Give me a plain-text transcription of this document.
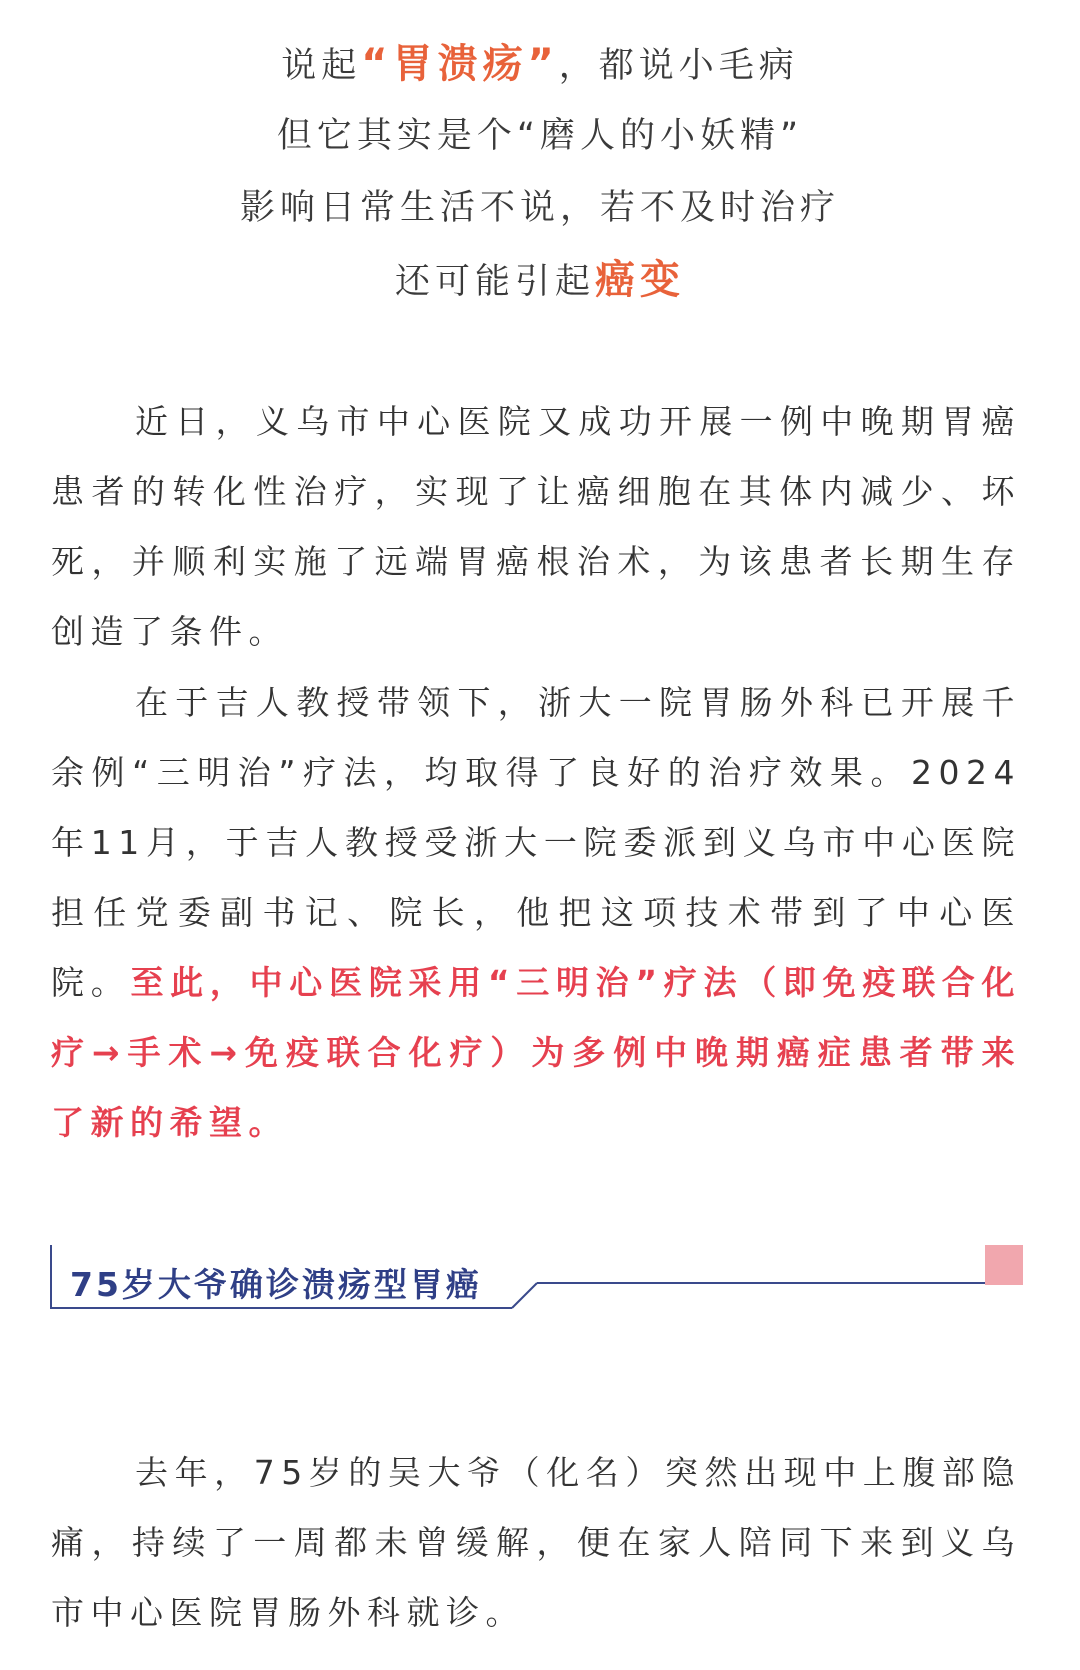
说起“胃溃疡”，都说小毛病
但它其实是个“磨人的小妖精”
影响日常生活不说，若不及时治疗
还可能引起癌变

近日，义乌市中心医院又成功开展一例中晚期胃癌患者的转化性治疗，实现了让癌细胞在其体内减少、坏死，并顺利实施了远端胃癌根治术，为该患者长期生存创造了条件。

在于吉人教授带领下，浙大一院胃肠外科已开展千余例“三明治”疗法，均取得了良好的治疗效果。2024年11月，于吉人教授受浙大一院委派到义乌市中心医院担任党委副书记、院长，他把这项技术带到了中心医院。至此，中心医院采用“三明治”疗法（即免疫联合化疗→手术→免疫联合化疗）为多例中晚期癌症患者带来了新的希望。

75岁大爷确诊溃疡型胃癌

去年，75岁的吴大爷（化名）突然出现中上腹部隐痛，持续了一周都未曾缓解，便在家人陪同下来到义乌市中心医院胃肠外科就诊。
